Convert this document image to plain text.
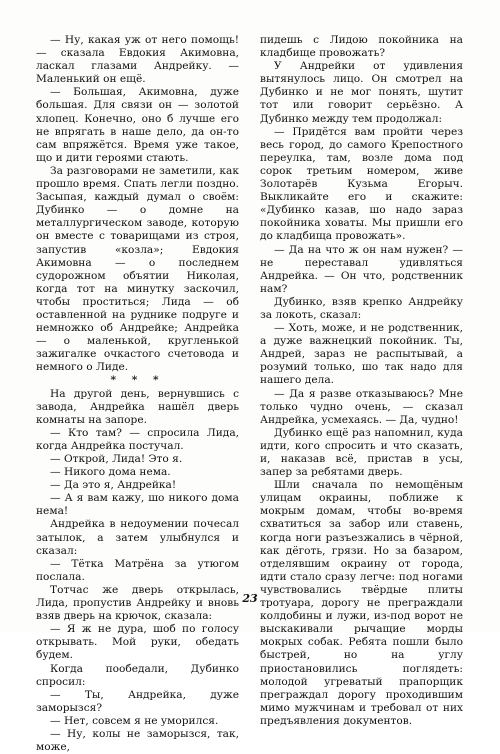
— Ну, какая уж от него помощь! — сказала Евдокия Акимовна, ласкал глазами Андрейку. — Маленький он ещё.

— Большая, Акимовна, дуже большая. Для связи он — золотой хлопец. Конечно, оно б лучше его не впрягать в наше дело, да он-то сам впряжётся. Время уже такое, що и дити героями стають.

За разговорами не заметили, как прошло время. Спать легли поздно. Засыпая, каждый думал о своём: Дубинко — о домне на металлургическом заводе, которую он вместе с товарищами из строя, запустив «козла»; Евдокия Акимовна — о последнем судорожном объятии Николая, когда тот на минутку заскочил, чтобы проститься; Лида — об оставленной на руднике подруге и немножко об Андрейке; Андрейка — о маленькой, кругленькой зажигалке очкастого счетовода и немного о Лиде.

* * *

На другой день, вернувшись с завода, Андрейка нашёл дверь комнаты на запоре.

— Кто там? — спросила Лида, когда Андрейка постучал.

— Открой, Лида! Это я.

— Никого дома нема.

— Да это я, Андрейка!

— А я вам кажу, шо никого дома нема!

Андрейка в недоумении почесал затылок, а затем улыбнулся и сказал:

— Тётка Матрёна за утюгом послала.

Тотчас же дверь открылась, Лида, пропустив Андрейку и вновь взяв дверь на крючок, сказала:

— Я ж не дура, шоб по голосу открывать. Мой руки, обедать будем.

Когда пообедали, Дубинко спросил:

— Ты, Андрейка, дуже заморызся?

— Нет, совсем я не уморился.

— Ну, колы не заморызся, так, може,

пидешь с Лидою покойника на кладбище провожать?

У Андрейки от удивления вытянулось лицо. Он смотрел на Дубинко и не мог понять, шутит тот или говорит серьёзно. А Дубинко между тем продолжал:

— Придётся вам пройти через весь город, до самого Крепостного переулка, там, возле дома под сорок третьим номером, живе Золотарёв Кузьма Егорыч. Выкликайте его и скажите: «Дубинко казав, шо надо зараз покойника ховаты. Мы пришли его до кладбища провожать».

— Да на что ж он нам нужен? — не переставал удивляться Андрейка. — Он что, родственник нам?

Дубинко, взяв крепко Андрейку за локоть, сказал:

— Хоть, може, и не родственник, а дуже важнецкий покойник. Ты, Андрей, зараз не распытывай, а розумий только, шо так надо для нашего дела.

— Да я разве отказываюсь? Мне только чудно очень, — сказал Андрейка, усмехаясь. — Да, чудно!

Дубинко ещё раз напомнил, куда идти, кого спросить и что сказать, и, наказав всё, пристав в усы, запер за ребятами дверь.

Шли сначала по немощёным улицам окраины, поближе к мокрым домам, чтобы во-время схватиться за забор или ставень, когда ноги разъезжались в чёрной, как дёготь, грязи. Но за базаром, отделявшим окраину от города, идти стало сразу легче: под ногами чувствовались твёрдые плиты тротуара, дорогу не преграждали колдобины и лужи, из-под ворот не выскакивали рычащие морды мокрых собак. Ребята пошли было быстрей, но на углу приостановились поглядеть: молодой угреватый прапорщик преграждал дорогу проходившим мимо мужчинам и требовал от них предъявления документов.

23
